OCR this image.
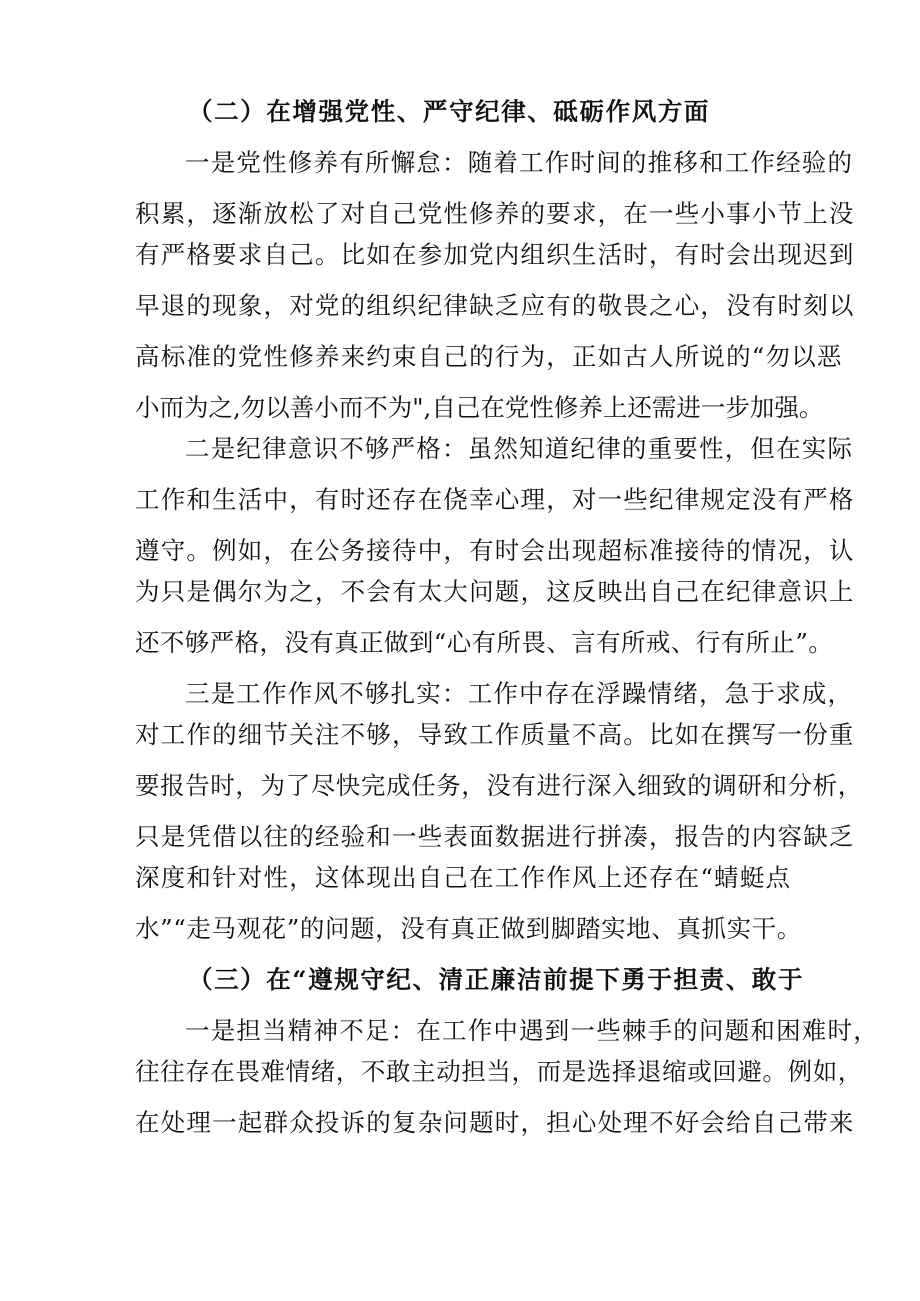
（二）在增强党性、严守纪律、砥砺作风方面
一是党性修养有所懈怠：随着工作时间的推移和工作经验的
积累，逐渐放松了对自己党性修养的要求，在一些小事小节上没
有严格要求自己。比如在参加党内组织生活时，有时会出现迟到
早退的现象，对党的组织纪律缺乏应有的敬畏之心，没有时刻以
高标准的党性修养来约束自己的行为，正如古人所说的“勿以恶
小而为之,勿以善小而不为",自己在党性修养上还需进一步加强。
二是纪律意识不够严格：虽然知道纪律的重要性，但在实际
工作和生活中，有时还存在侥幸心理，对一些纪律规定没有严格
遵守。例如，在公务接待中，有时会出现超标准接待的情况，认
为只是偶尔为之，不会有太大问题，这反映出自己在纪律意识上
还不够严格，没有真正做到“心有所畏、言有所戒、行有所止”。
三是工作作风不够扎实：工作中存在浮躁情绪，急于求成，
对工作的细节关注不够，导致工作质量不高。比如在撰写一份重
要报告时，为了尽快完成任务，没有进行深入细致的调研和分析，
只是凭借以往的经验和一些表面数据进行拼凑，报告的内容缺乏
深度和针对性，这体现出自己在工作作风上还存在“蜻蜓点
水”“走马观花”的问题，没有真正做到脚踏实地、真抓实干。
（三）在“遵规守纪、清正廉洁前提下勇于担责、敢于
一是担当精神不足：在工作中遇到一些棘手的问题和困难时，
往往存在畏难情绪，不敢主动担当，而是选择退缩或回避。例如，
在处理一起群众投诉的复杂问题时，担心处理不好会给自己带来
